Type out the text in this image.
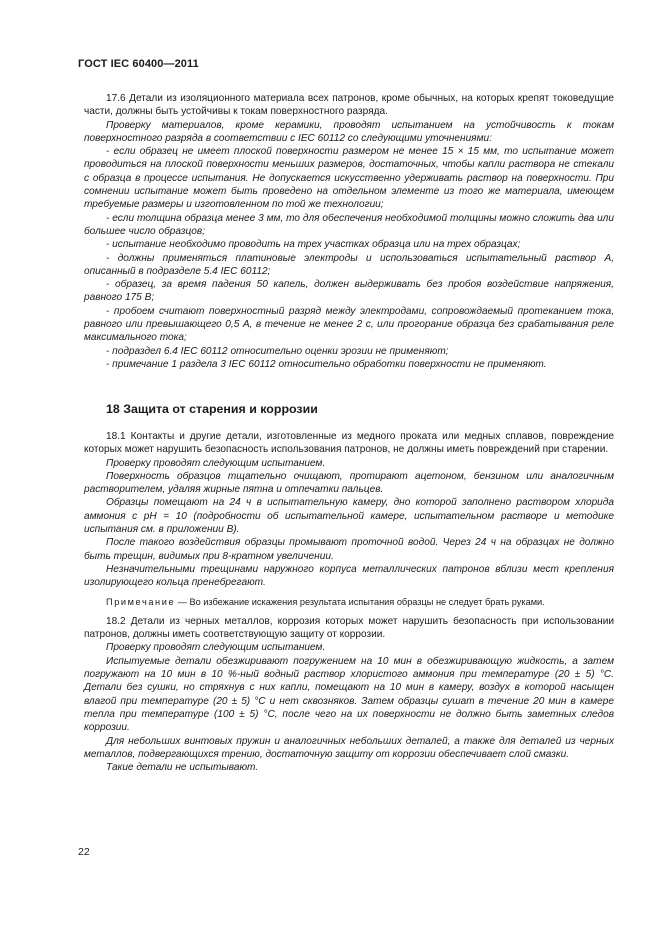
ГОСТ IEC 60400—2011

17.6 Детали из изоляционного материала всех патронов, кроме обычных, на которых крепят токоведущие части, должны быть устойчивы к токам поверхностного разряда.

Проверку материалов, кроме керамики, проводят испытанием на устойчивость к токам поверхностного разряда в соответствии с IEC 60112 со следующими уточнениями:

- если образец не имеет плоской поверхности размером не менее 15 × 15 мм, то испытание может проводиться на плоской поверхности меньших размеров, достаточных, чтобы капли раствора не стекали с образца в процессе испытания. Не допускается искусственно удерживать раствор на поверхности. При сомнении испытание может быть проведено на отдельном элементе из того же материала, имеющем требуемые размеры и изготовленном по той же технологии;

- если толщина образца менее 3 мм, то для обеспечения необходимой толщины можно сложить два или большее число образцов;

- испытание необходимо проводить на трех участках образца или на трех образцах;

- должны применяться платиновые электроды и использоваться испытательный раствор А, описанный в подразделе 5.4 IEC 60112;

- образец, за время падения 50 капель, должен выдерживать без пробоя воздействие напряжения, равного 175 В;

- пробоем считают поверхностный разряд между электродами, сопровождаемый протеканием тока, равного или превышающего 0,5 А, в течение не менее 2 с, или прогорание образца без срабатывания реле максимального тока;

- подраздел 6.4 IEC 60112 относительно оценки эрозии не применяют;

- примечание 1 раздела 3 IEC 60112 относительно обработки поверхности не применяют.

18 Защита от старения и коррозии

18.1 Контакты и другие детали, изготовленные из медного проката или медных сплавов, повреждение которых может нарушить безопасность использования патронов, не должны иметь повреждений при старении.

Проверку проводят следующим испытанием.

Поверхность образцов тщательно очищают, протирают ацетоном, бензином или аналогичным растворителем, удаляя жирные пятна и отпечатки пальцев.

Образцы помещают на 24 ч в испытательную камеру, дно которой заполнено раствором хлорида аммония с pH = 10 (подробности об испытательной камере, испытательном растворе и методике испытания см. в приложении В).

После такого воздействия образцы промывают проточной водой. Через 24 ч на образцах не должно быть трещин, видимых при 8-кратном увеличении.

Незначительными трещинами наружного корпуса металлических патронов вблизи мест крепления изолирующего кольца пренебрегают.

Примечание — Во избежание искажения результата испытания образцы не следует брать руками.

18.2 Детали из черных металлов, коррозия которых может нарушить безопасность при использовании патронов, должны иметь соответствующую защиту от коррозии.

Проверку проводят следующим испытанием.

Испытуемые детали обезжиривают погружением на 10 мин в обезжиривающую жидкость, а затем погружают на 10 мин в 10 %-ный водный раствор хлористого аммония при температуре (20 ± 5) °С. Детали без сушки, но стряхнув с них капли, помещают на 10 мин в камеру, воздух в которой насыщен влагой при температуре (20 ± 5) °С и нет сквозняков. Затем образцы сушат в течение 20 мин в камере тепла при температуре (100 ± 5) °С, после чего на их поверхности не должно быть заметных следов коррозии.

Для небольших винтовых пружин и аналогичных небольших деталей, а также для деталей из черных металлов, подвергающихся трению, достаточную защиту от коррозии обеспечивает слой смазки.

Такие детали не испытывают.

22
